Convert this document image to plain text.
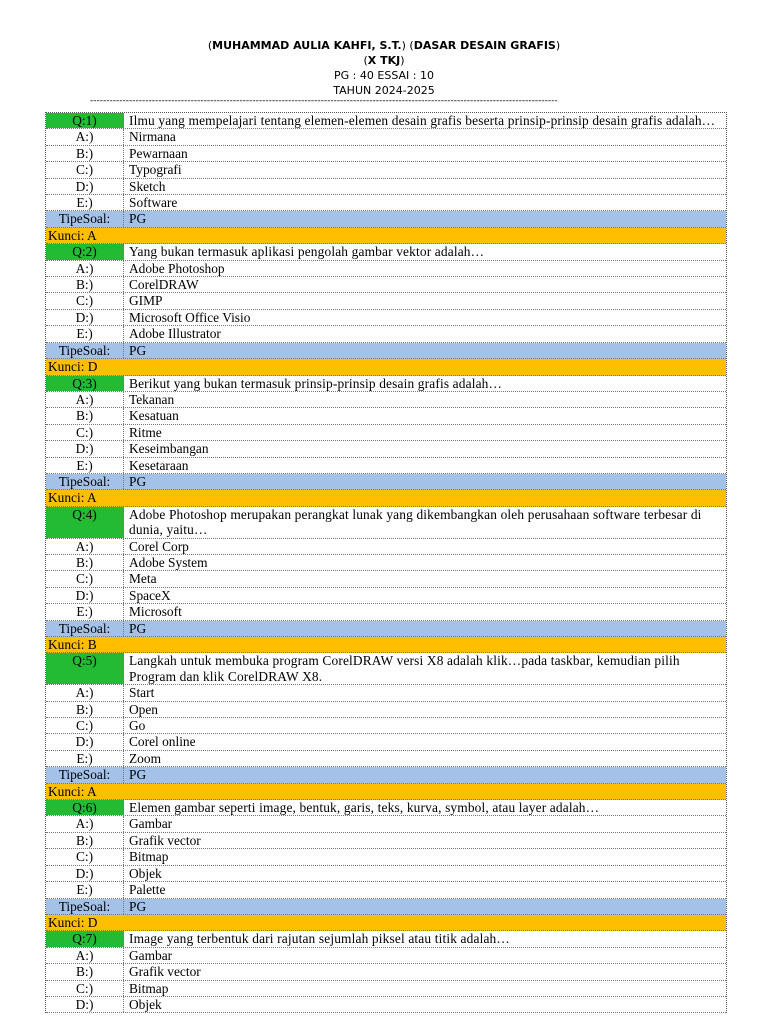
(MUHAMMAD AULIA KAHFI, S.T.) (DASAR DESAIN GRAFIS)
(X TKJ)
PG : 40 ESSAI : 10
TAHUN 2024-2025
------------------------------------------------------------------------------------------------------------------------------------------------
Q:1)	Ilmu yang mempelajari tentang elemen-elemen desain grafis beserta prinsip-prinsip desain grafis adalah…
A:)	Nirmana
B:)	Pewarnaan
C:)	Typografi
D:)	Sketch
E:)	Software
TipeSoal:	PG
Kunci: A
Q:2)	Yang bukan termasuk aplikasi pengolah gambar vektor adalah…
A:)	Adobe Photoshop
B:)	CorelDRAW
C:)	GIMP
D:)	Microsoft Office Visio
E:)	Adobe Illustrator
TipeSoal:	PG
Kunci: D
Q:3)	Berikut yang bukan termasuk prinsip-prinsip desain grafis adalah…
A:)	Tekanan
B:)	Kesatuan
C:)	Ritme
D:)	Keseimbangan
E:)	Kesetaraan
TipeSoal:	PG
Kunci: A
Q:4)	Adobe Photoshop merupakan perangkat lunak yang dikembangkan oleh perusahaan software terbesar di dunia, yaitu…
A:)	Corel Corp
B:)	Adobe System
C:)	Meta
D:)	SpaceX
E:)	Microsoft
TipeSoal:	PG
Kunci: B
Q:5)	Langkah untuk membuka program CorelDRAW versi X8 adalah klik…pada taskbar, kemudian pilih Program dan klik CorelDRAW X8.
A:)	Start
B:)	Open
C:)	Go
D:)	Corel online
E:)	Zoom
TipeSoal:	PG
Kunci: A
Q:6)	Elemen gambar seperti image, bentuk, garis, teks, kurva, symbol, atau layer adalah…
A:)	Gambar
B:)	Grafik vector
C:)	Bitmap
D:)	Objek
E:)	Palette
TipeSoal:	PG
Kunci: D
Q:7)	Image yang terbentuk dari rajutan sejumlah piksel atau titik adalah…
A:)	Gambar
B:)	Grafik vector
C:)	Bitmap
D:)	Objek
